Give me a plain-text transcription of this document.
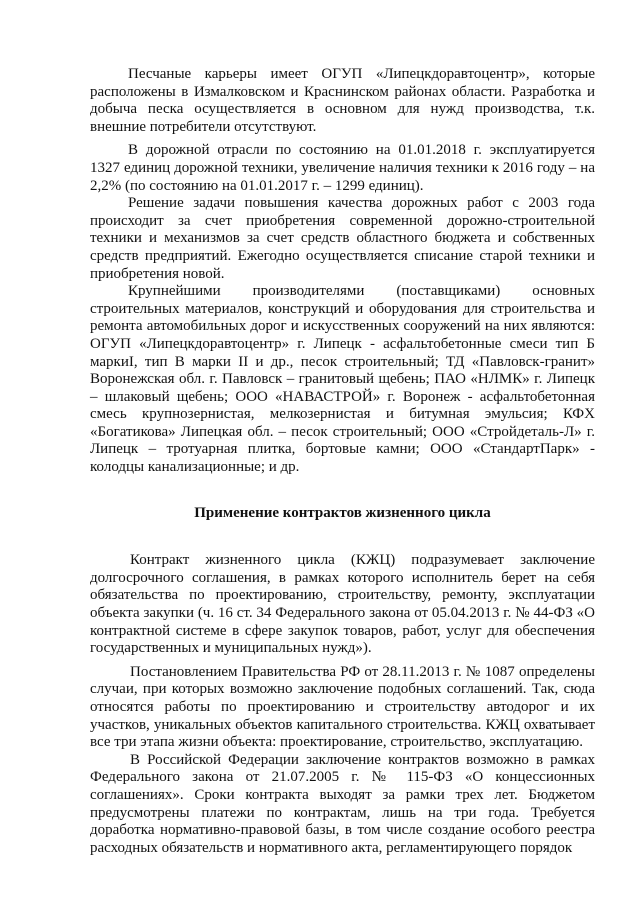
Песчаные карьеры имеет ОГУП «Липецкдоравтоцентр», которые расположены в Измалковском и Краснинском районах области. Разработка и добыча песка осуществляется в основном для нужд производства, т.к. внешние потребители отсутствуют.

В дорожной отрасли по состоянию на 01.01.2018 г. эксплуатируется 1327 единиц дорожной техники, увеличение наличия техники к 2016 году – на 2,2% (по состоянию на 01.01.2017 г. – 1299 единиц).

Решение задачи повышения качества дорожных работ с 2003 года происходит за счет приобретения современной дорожно-строительной техники и механизмов за счет средств областного бюджета и собственных средств предприятий. Ежегодно осуществляется списание старой техники и приобретения новой.

Крупнейшими производителями (поставщиками) основных строительных материалов, конструкций и оборудования для строительства и ремонта автомобильных дорог и искусственных сооружений на них являются: ОГУП «Липецкдоравтоцентр» г. Липецк - асфальтобетонные смеси тип Б маркиI, тип В марки II и др., песок строительный; ТД «Павловск-гранит» Воронежская обл. г. Павловск – гранитовый щебень; ПАО «НЛМК» г. Липецк – шлаковый щебень; ООО «НАВАСТРОЙ» г. Воронеж - асфальтобетонная смесь крупнозернистая, мелкозернистая и битумная эмульсия; КФХ «Богатикова» Липецкая обл. – песок строительный; ООО «Стройдеталь-Л» г. Липецк – тротуарная плитка, бортовые камни; ООО «СтандартПарк» - колодцы канализационные; и др.

Применение контрактов жизненного цикла

Контракт жизненного цикла (КЖЦ) подразумевает заключение долгосрочного соглашения, в рамках которого исполнитель берет на себя обязательства по проектированию, строительству, ремонту, эксплуатации объекта закупки (ч. 16 ст. 34 Федерального закона от 05.04.2013 г. № 44-ФЗ «О контрактной системе в сфере закупок товаров, работ, услуг для обеспечения государственных и муниципальных нужд»).

Постановлением Правительства РФ от 28.11.2013 г. № 1087 определены случаи, при которых возможно заключение подобных соглашений. Так, сюда относятся работы по проектированию и строительству автодорог и их участков, уникальных объектов капитального строительства. КЖЦ охватывает все три этапа жизни объекта: проектирование, строительство, эксплуатацию.

В Российской Федерации заключение контрактов возможно в рамках Федерального закона от 21.07.2005 г. № 115-ФЗ «О концессионных соглашениях». Сроки контракта выходят за рамки трех лет. Бюджетом предусмотрены платежи по контрактам, лишь на три года. Требуется доработка нормативно-правовой базы, в том числе создание особого реестра расходных обязательств и нормативного акта, регламентирующего порядок
